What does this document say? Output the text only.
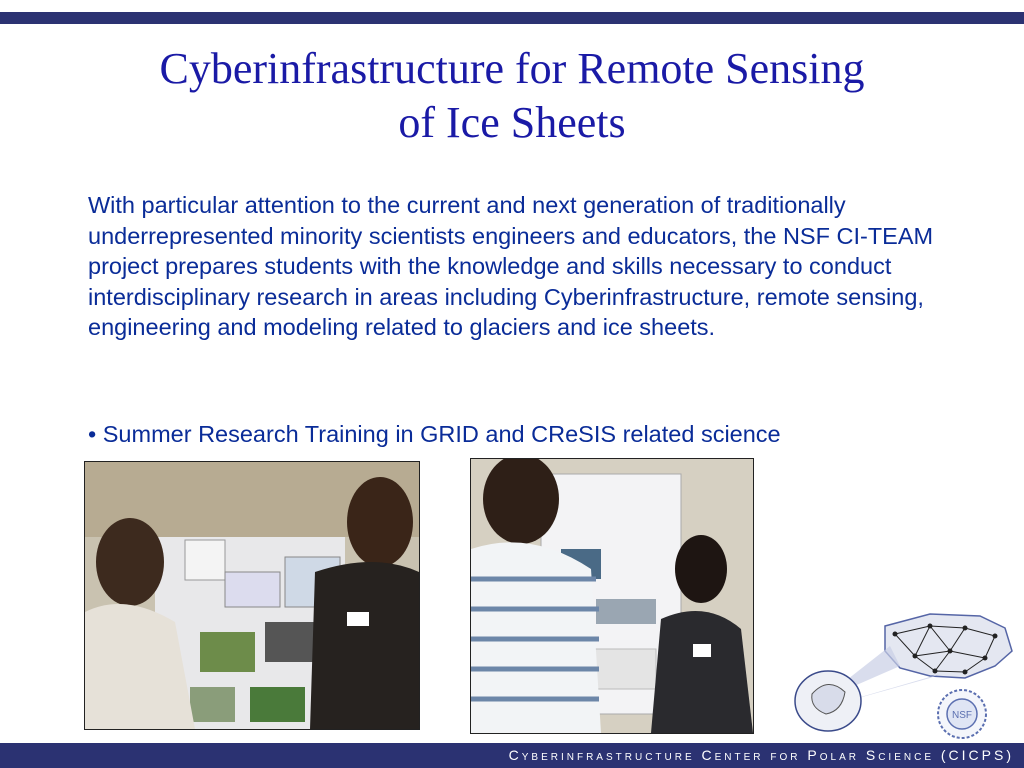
Cyberinfrastructure for Remote Sensing
of Ice Sheets

With particular attention to the current and next generation of traditionally underrepresented minority scientists engineers and educators, the NSF CI-TEAM project prepares students with the knowledge and skills necessary to conduct interdisciplinary research in areas including Cyberinfrastructure, remote sensing, engineering and modeling related to glaciers and ice sheets.

• Summer Research Training in GRID and CReSIS related science

NSF
Cyberinfrastructure Center for Polar Science (CICPS)
